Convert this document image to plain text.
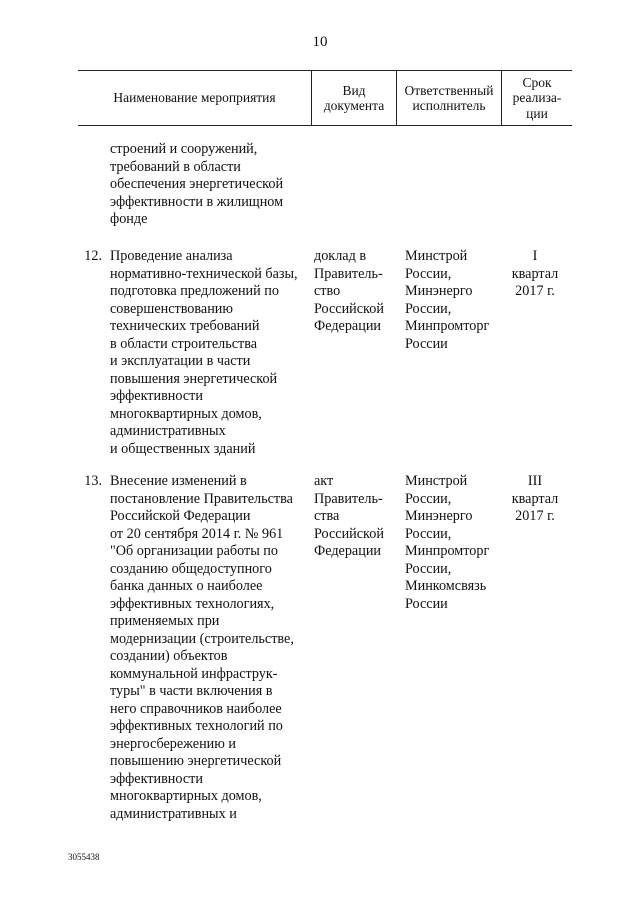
10
Наименование мероприятия
Вид
документа
Ответственный
исполнитель
Срок
реализа-
ции
строений и сооружений,
требований в области
обеспечения энергетической
эффективности в жилищном
фонде
12. Проведение анализа
нормативно-технической базы,
подготовка предложений по
совершенствованию
технических требований
в области строительства
и эксплуатации в части
повышения энергетической
эффективности
многоквартирных домов,
административных
и общественных зданий
доклад в
Правитель-
ство
Российской
Федерации
Минстрой
России,
Минэнерго
России,
Минпромторг
России
I
квартал
2017 г.
13. Внесение изменений в
постановление Правительства
Российской Федерации
от 20 сентября 2014 г. № 961
"Об организации работы по
созданию общедоступного
банка данных о наиболее
эффективных технологиях,
применяемых при
модернизации (строительстве,
создании) объектов
коммунальной инфраструк-
туры" в части включения в
него справочников наиболее
эффективных технологий по
энергосбережению и
повышению энергетической
эффективности
многоквартирных домов,
административных и
акт
Правитель-
ства
Российской
Федерации
Минстрой
России,
Минэнерго
России,
Минпромторг
России,
Минкомсвязь
России
III
квартал
2017 г.
3055438
